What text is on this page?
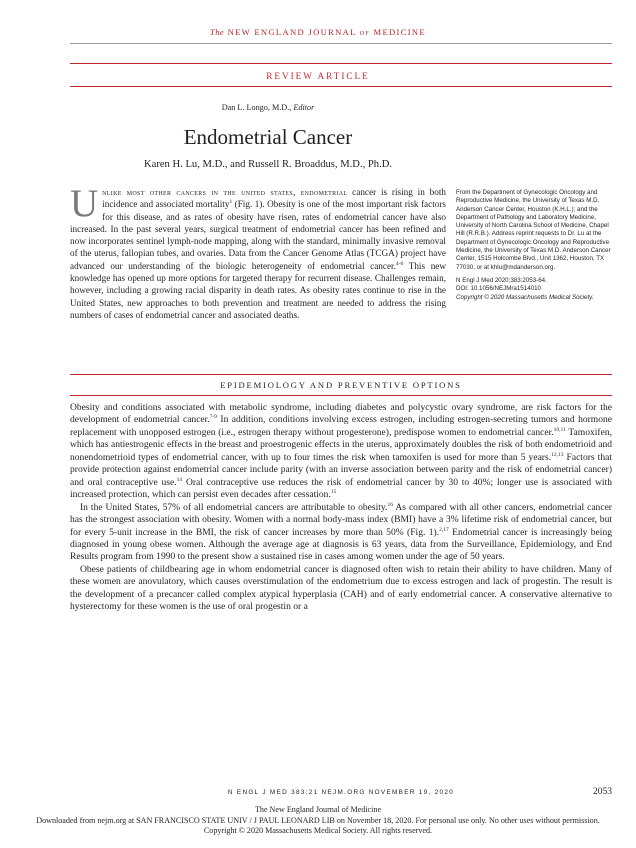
The NEW ENGLAND JOURNAL of MEDICINE
REVIEW ARTICLE
Dan L. Longo, M.D., Editor
Endometrial Cancer
Karen H. Lu, M.D., and Russell R. Broaddus, M.D., Ph.D.
Unlike most other cancers in the united states, endometrial cancer is rising in both incidence and associated mortality$^1$ (Fig. 1). Obesity is one of the most important risk factors for this disease, and as rates of obesity have risen, rates of endometrial cancer have also increased. In the past several years, surgical treatment of endometrial cancer has been refined and now incorporates sentinel lymph-node mapping, along with the standard, minimally invasive removal of the uterus, fallopian tubes, and ovaries. Data from the Cancer Genome Atlas (TCGA) project have advanced our understanding of the biologic heterogeneity of endometrial cancer.$^{4-6}$ This new knowledge has opened up more options for targeted therapy for recurrent disease. Challenges remain, however, including a growing racial disparity in death rates. As obesity rates continue to rise in the United States, new approaches to both prevention and treatment are needed to address the rising numbers of cases of endometrial cancer and associated deaths.

From the Department of Gynecologic Oncology and Reproductive Medicine, the University of Texas M.D. Anderson Cancer Center, Houston (K.H.L.); and the Department of Pathology and Laboratory Medicine, University of North Carolina School of Medicine, Chapel Hill (R.R.B.). Address reprint requests to Dr. Lu at the Department of Gynecologic Oncology and Reproductive Medicine, the University of Texas M.D. Anderson Cancer Center, 1515 Holcombe Blvd., Unit 1362, Houston, TX 77030, or at khlu@mdanderson.org.

N Engl J Med 2020;383:2053-64.

DOI: 10.1056/NEJMra1514010

Copyright © 2020 Massachusetts Medical Society.

EPIDEMIOLOGY AND PREVENTIVE OPTIONS

Obesity and conditions associated with metabolic syndrome, including diabetes and polycystic ovary syndrome, are risk factors for the development of endometrial cancer.$^{7-9}$ In addition, conditions involving excess estrogen, including estrogen-secreting tumors and hormone replacement with unopposed estrogen (i.e., estrogen therapy without progesterone), predispose women to endometrial cancer.$^{10,11}$ Tamoxifen, which has antiestrogenic effects in the breast and proestrogenic effects in the uterus, approximately doubles the risk of both endometrioid and nonendometrioid types of endometrial cancer, with up to four times the risk when tamoxifen is used for more than 5 years.$^{12,13}$ Factors that provide protection against endometrial cancer include parity (with an inverse association between parity and the risk of endometrial cancer) and oral contraceptive use.$^{14}$ Oral contraceptive use reduces the risk of endometrial cancer by 30 to 40%; longer use is associated with increased protection, which can persist even decades after cessation.$^{15}$

In the United States, 57% of all endometrial cancers are attributable to obesity.$^{16}$ As compared with all other cancers, endometrial cancer has the strongest association with obesity. Women with a normal body-mass index (BMI) have a 3% lifetime risk of endometrial cancer, but for every 5-unit increase in the BMI, the risk of cancer increases by more than 50% (Fig. 1).$^{2,17}$ Endometrial cancer is increasingly being diagnosed in young obese women. Although the average age at diagnosis is 63 years, data from the Surveillance, Epidemiology, and End Results program from 1990 to the present show a sustained rise in cases among women under the age of 50 years.

Obese patients of childbearing age in whom endometrial cancer is diagnosed often wish to retain their ability to have children. Many of these women are anovulatory, which causes overstimulation of the endometrium due to excess estrogen and lack of progestin. The result is the development of a precancer called complex atypical hyperplasia (CAH) and of early endometrial cancer. A conservative alternative to hysterectomy for these women is the use of oral progestin or a

N ENGL J MED 383;21 NEJM.ORG NOVEMBER 19, 2020	2053
The New England Journal of Medicine
Downloaded from nejm.org at SAN FRANCISCO STATE UNIV / J PAUL LEONARD LIB on November 18, 2020. For personal use only. No other uses without permission.
Copyright © 2020 Massachusetts Medical Society. All rights reserved.
